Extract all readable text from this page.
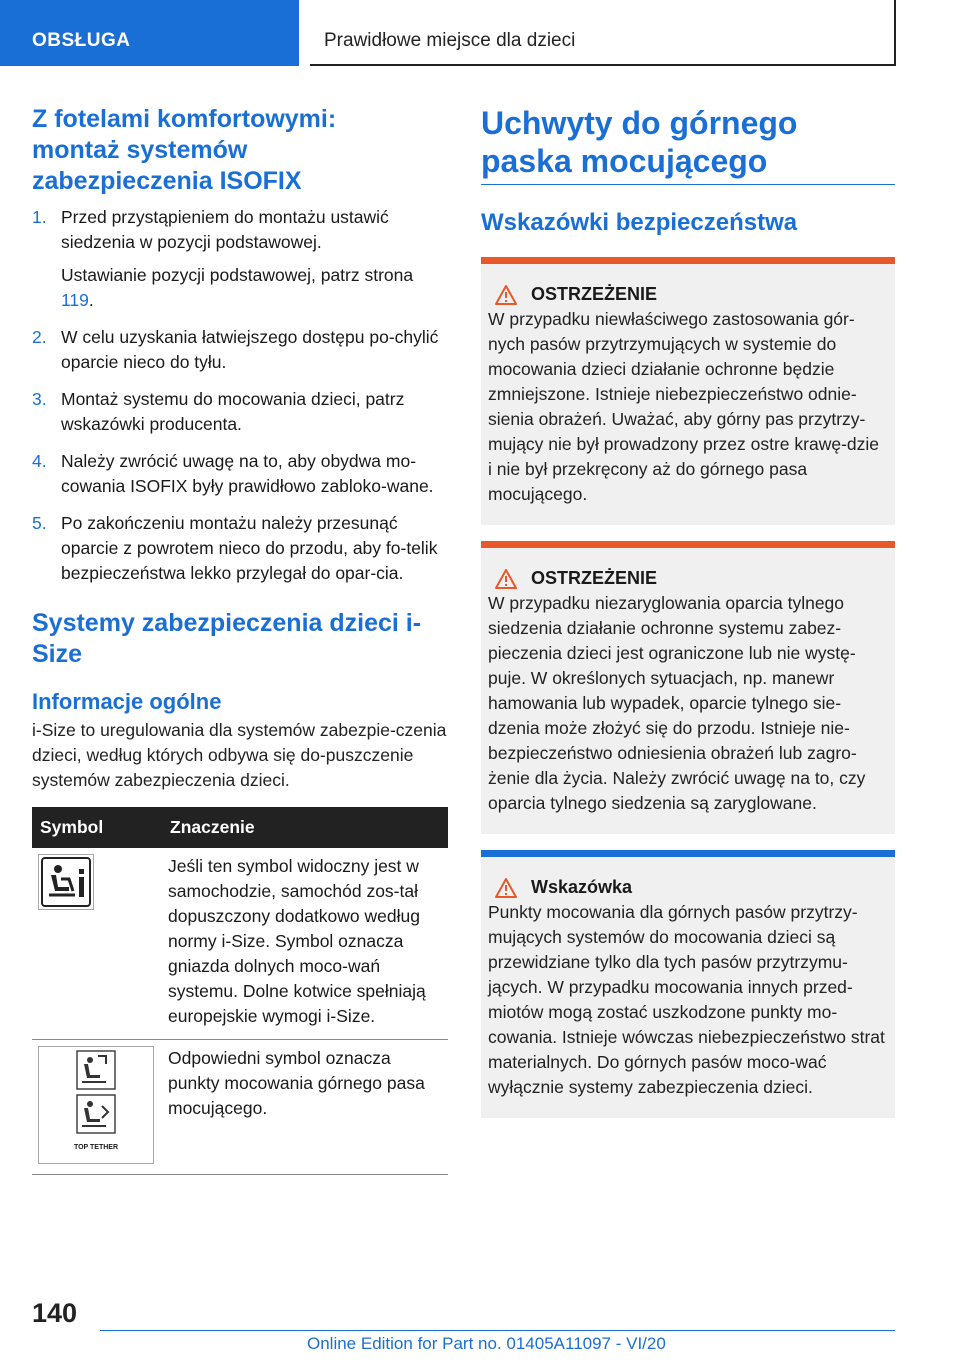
OBSŁUGA	Prawidłowe miejsce dla dzieci
Z fotelami komfortowymi: montaż systemów zabezpieczenia ISOFIX
1. Przed przystąpieniem do montażu ustawić siedzenia w pozycji podstawowej.
Ustawianie pozycji podstawowej, patrz strona 119.
2. W celu uzyskania łatwiejszego dostępu po‐chylić oparcie nieco do tyłu.
3. Montaż systemu do mocowania dzieci, patrz wskazówki producenta.
4. Należy zwrócić uwagę na to, aby obydwa mo‐cowania ISOFIX były prawidłowo zabloko‐wane.
5. Po zakończeniu montażu należy przesunąć oparcie z powrotem nieco do przodu, aby fo‐telik bezpieczeństwa lekko przylegał do opar‐cia.
Systemy zabezpieczenia dzieci i-Size
Informacje ogólne
i-Size to uregulowania dla systemów zabezpie‐czenia dzieci, według których odbywa się do‐puszczenie systemów zabezpieczenia dzieci.
Symbol	Znaczenie

	Jeśli ten symbol widoczny jest w samochodzie, samochód zos‐tał dopuszczony dodatkowo według normy i-Size. Symbol oznacza gniazda dolnych moco‐wań systemu. Dolne kotwice spełniają europejskie wymogi i-Size.

TOP TETHER	Odpowiedni symbol oznacza punkty mocowania górnego pasa mocującego.
Uchwyty do górnego paska mocującego
Wskazówki bezpieczeństwa
OSTRZEŻENIE
W przypadku niewłaściwego zastosowania gór‐nych pasów przytrzymujących w systemie do mocowania dzieci działanie ochronne będzie zmniejszone. Istnieje niebezpieczeństwo odnie‐sienia obrażeń. Uważać, aby górny pas przytrzy‐mujący nie był prowadzony przez ostre krawę‐dzie i nie był przekręcony aż do górnego pasa mocującego.
OSTRZEŻENIE
W przypadku niezaryglowania oparcia tylnego siedzenia działanie ochronne systemu zabez‐pieczenia dzieci jest ograniczone lub nie wystę‐puje. W określonych sytuacjach, np. manewr hamowania lub wypadek, oparcie tylnego sie‐dzenia może złożyć się do przodu. Istnieje nie‐bezpieczeństwo odniesienia obrażeń lub zagro‐żenie dla życia. Należy zwrócić uwagę na to, czy oparcia tylnego siedzenia są zaryglowane.
Wskazówka
Punkty mocowania dla górnych pasów przytrzy‐mujących systemów do mocowania dzieci są przewidziane tylko dla tych pasów przytrzymu‐jących. W przypadku mocowania innych przed‐miotów mogą zostać uszkodzone punkty mo‐cowania. Istnieje wówczas niebezpieczeństwo strat materialnych. Do górnych pasów moco‐wać wyłącznie systemy zabezpieczenia dzieci.
140
Online Edition for Part no. 01405A11097 - VI/20
